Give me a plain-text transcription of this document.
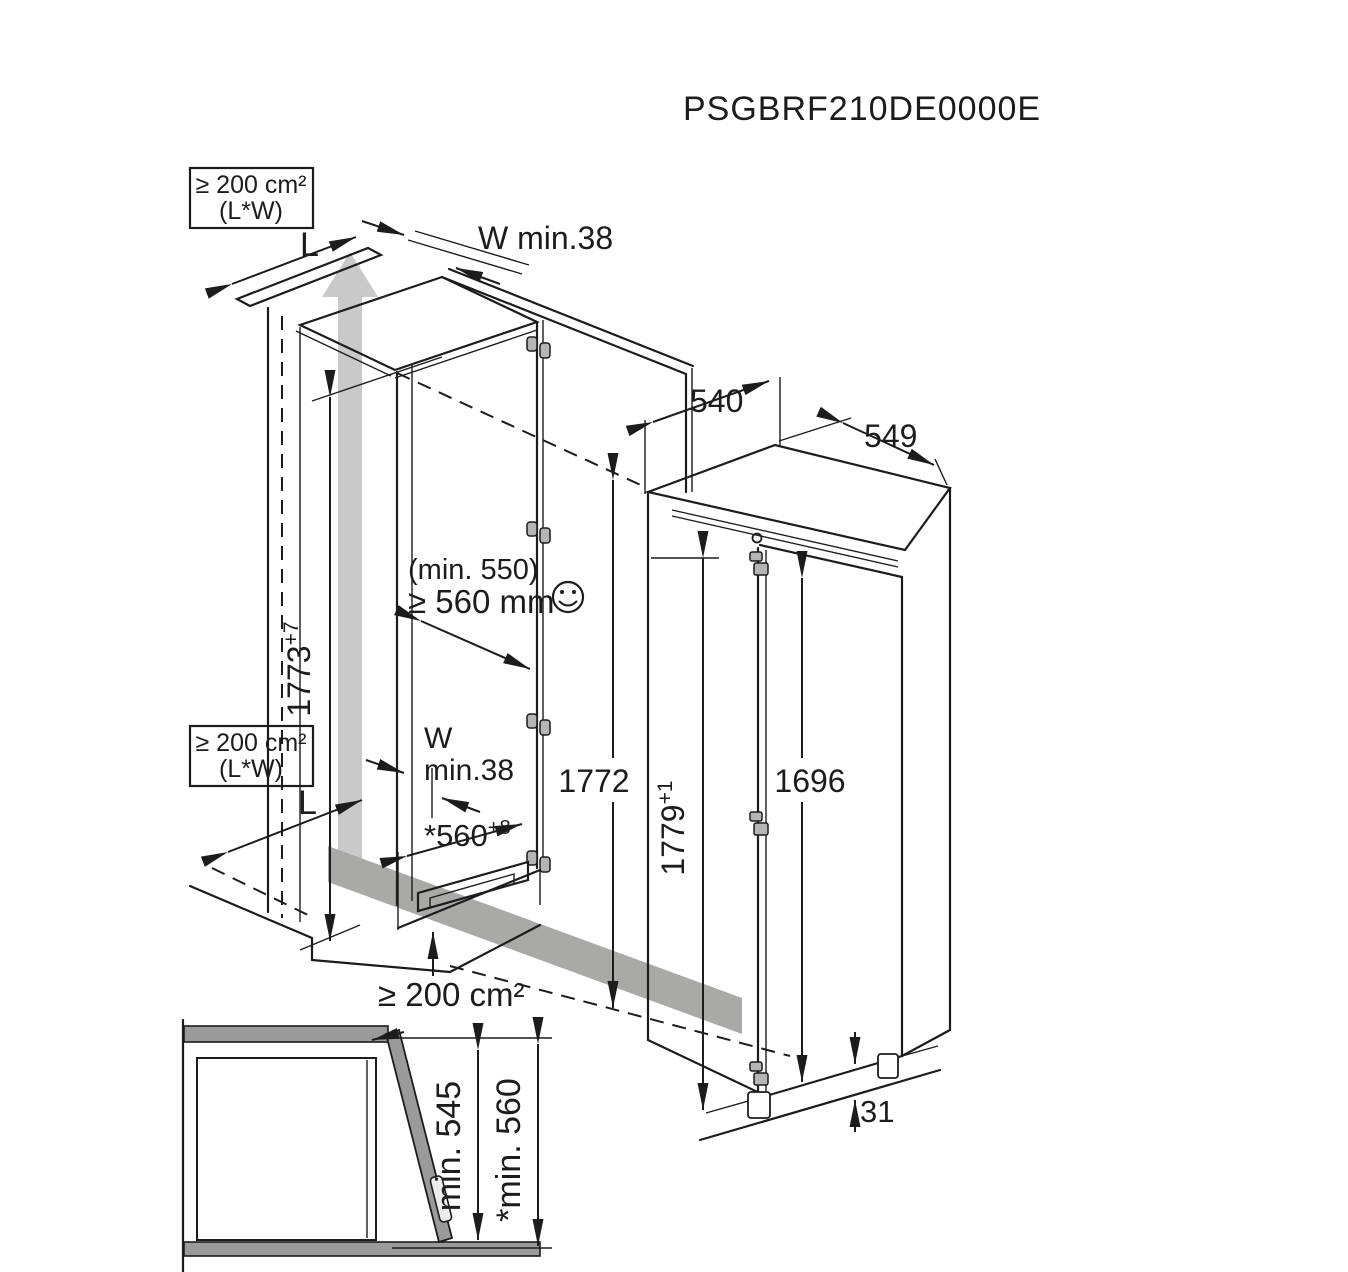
PSGBRF210DE0000E
≥ 200 cm²
(L*W)
≥ 200 cm²
(L*W)
L	W min.38
(min. 550)
≥ 560 mm
$1773^{+7}$
L
W
min.38
$*560^{+8}$
≥ 200 cm²
1772
540
549
$1779^{+1}$	1696
31
min. 545 *min. 560
